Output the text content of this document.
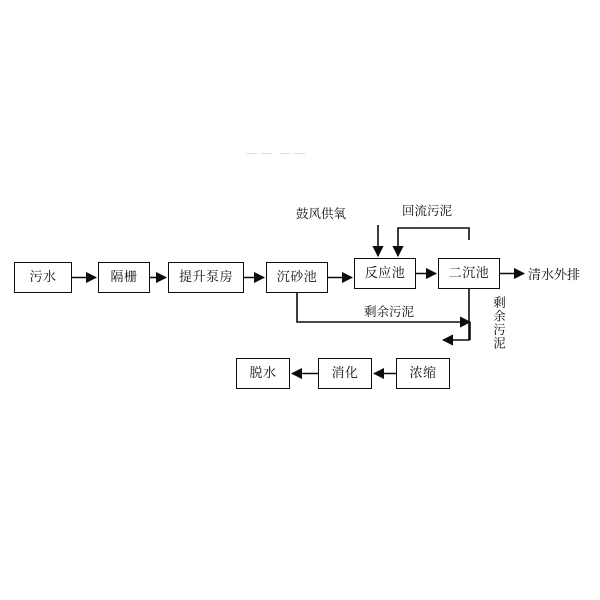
—— ——
污水	隔栅	提升泵房	沉砂池	反应池	二沉池
浓缩
消化
脱水
鼓风供氧	回流污泥
剩余污泥	剩余污泥
清水外排
